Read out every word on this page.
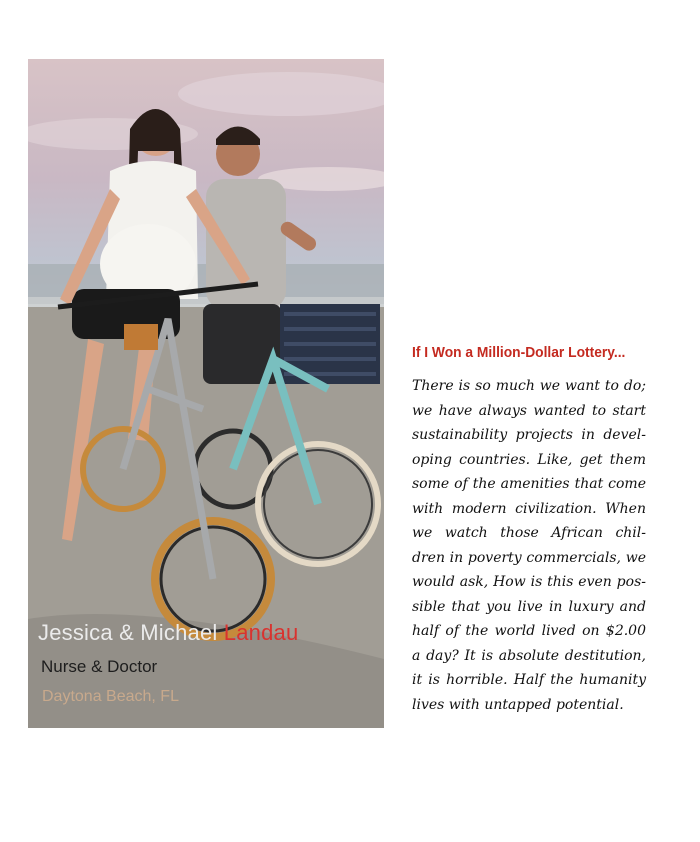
Jessica & Michael Landau
Nurse & Doctor
Daytona Beach, FL
If I Won a Million-Dollar Lottery...
There is so much we want to do;
we have always wanted to start
sustainability projects in devel-
oping countries. Like, get them
some of the amenities that come
with modern civilization. When
we watch those African chil-
dren in poverty commercials, we
would ask, How is this even pos-
sible that you live in luxury and
half of the world lived on $2.00
a day? It is absolute destitution,
it is horrible. Half the humanity
lives with untapped potential.
